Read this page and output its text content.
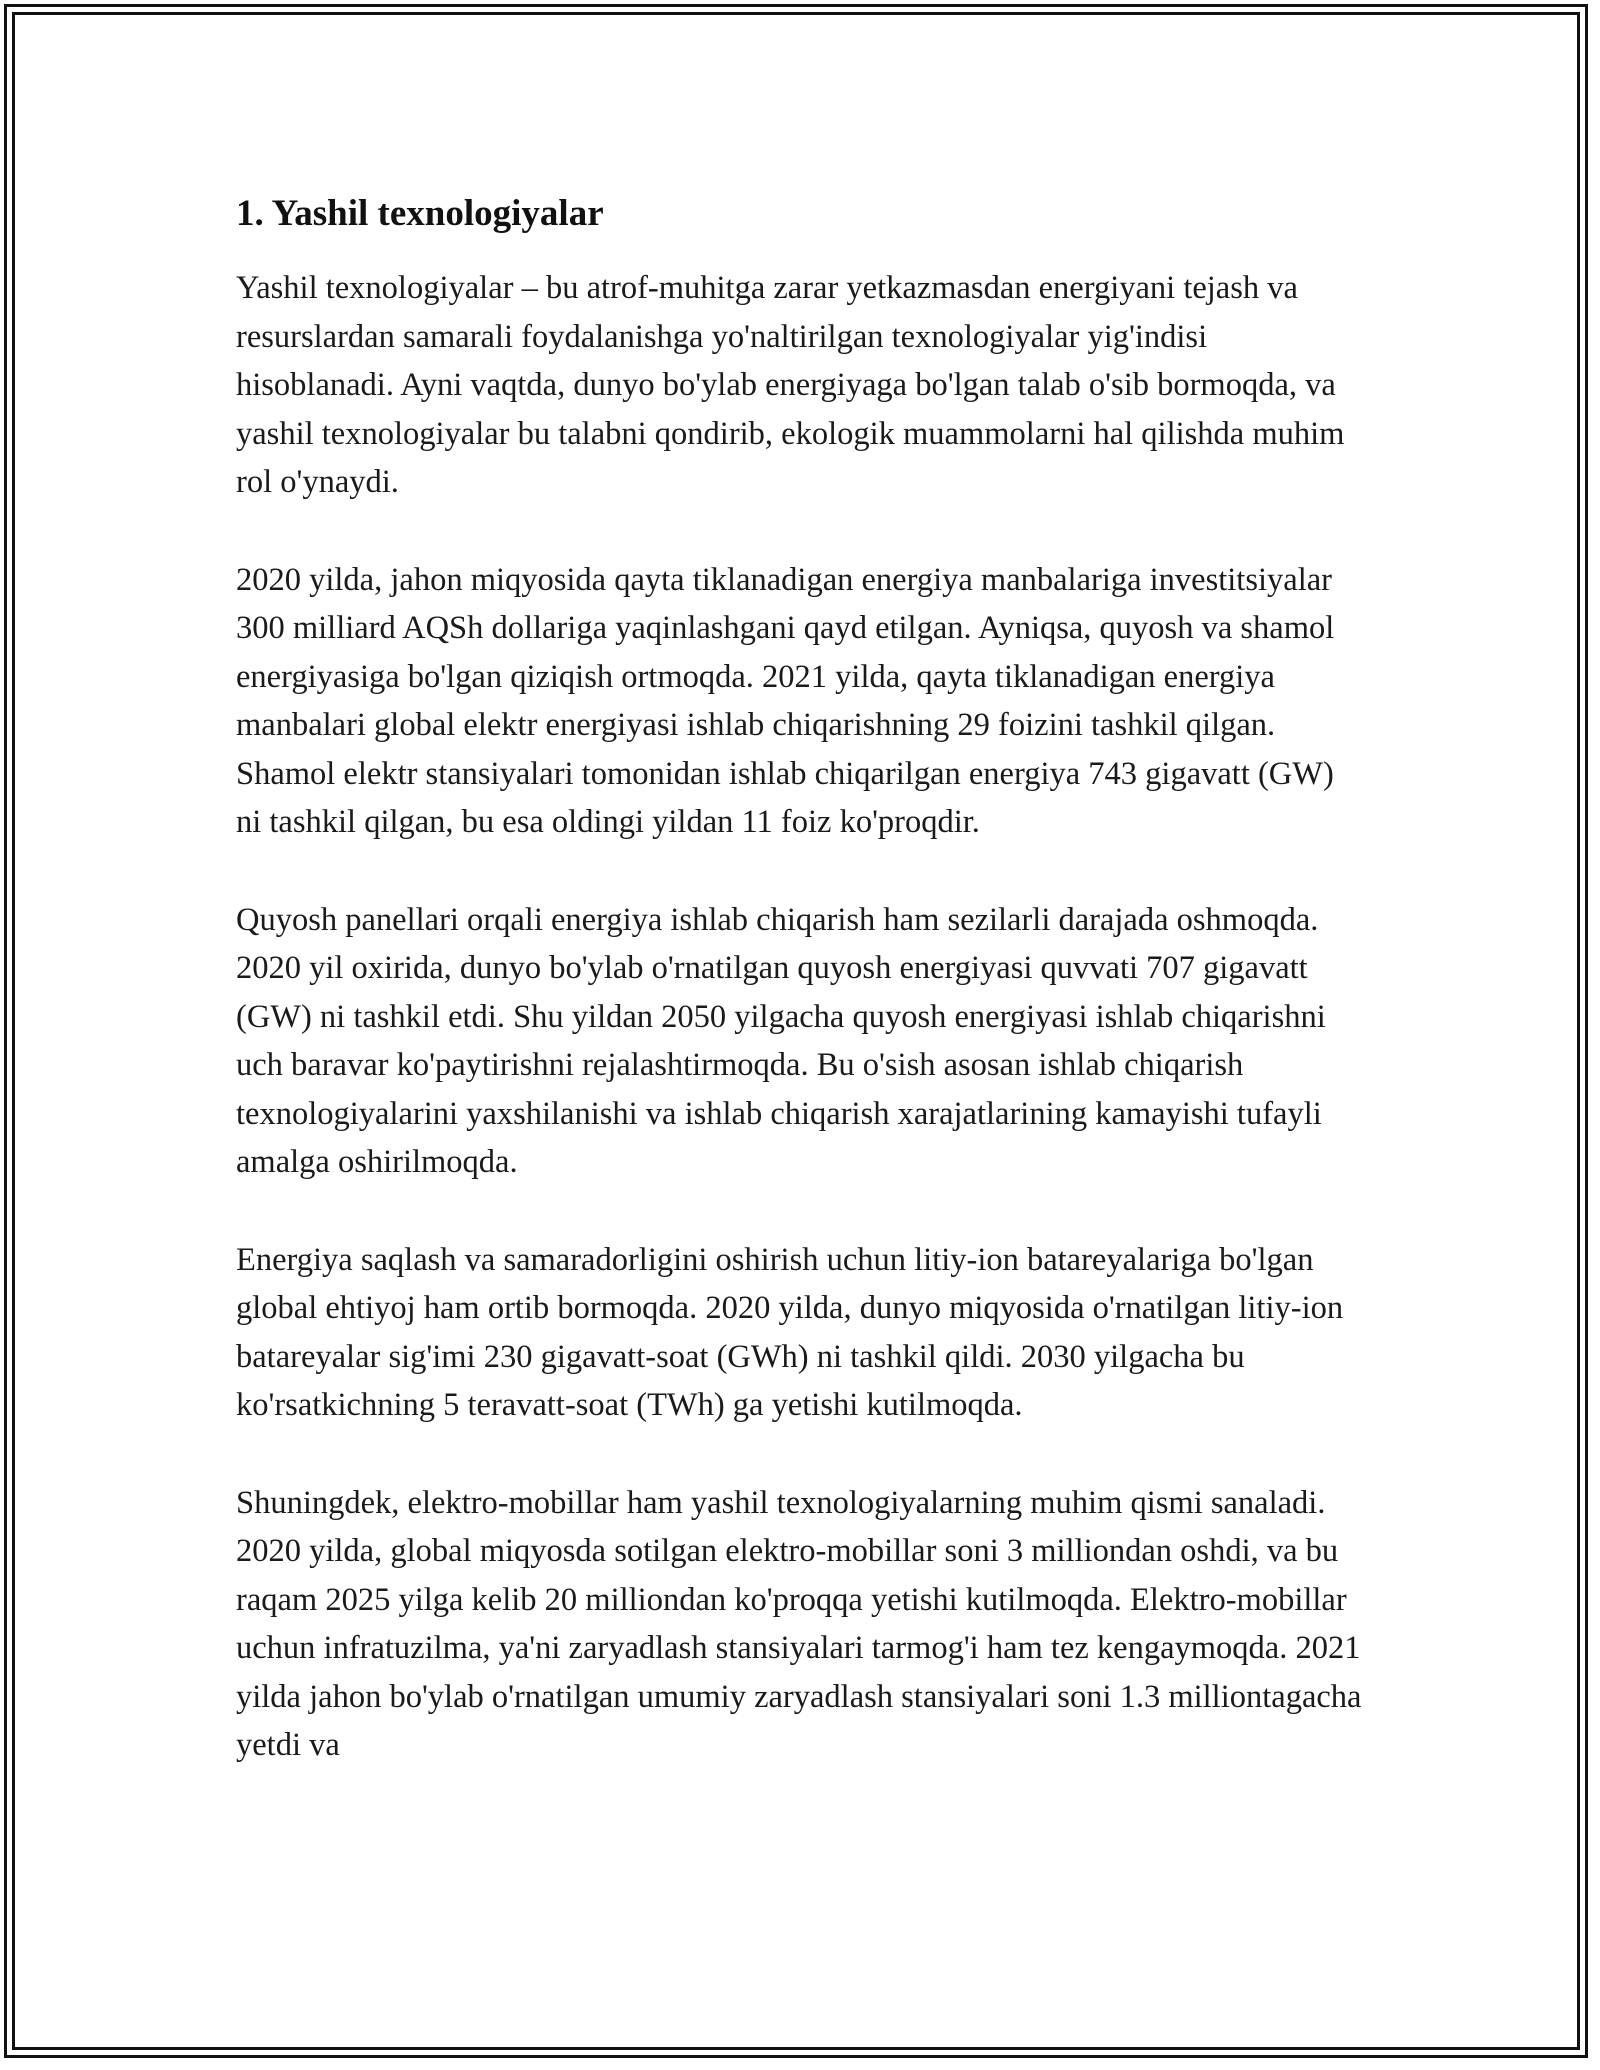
1. Yashil texnologiyalar

Yashil texnologiyalar – bu atrof-muhitga zarar yetkazmasdan energiyani tejash va resurslardan samarali foydalanishga yo'naltirilgan texnologiyalar yig'indisi hisoblanadi. Ayni vaqtda, dunyo bo'ylab energiyaga bo'lgan talab o'sib bormoqda, va yashil texnologiyalar bu talabni qondirib, ekologik muammolarni hal qilishda muhim rol o'ynaydi.

2020 yilda, jahon miqyosida qayta tiklanadigan energiya manbalariga investitsiyalar 300 milliard AQSh dollariga yaqinlashgani qayd etilgan. Ayniqsa, quyosh va shamol energiyasiga bo'lgan qiziqish ortmoqda. 2021 yilda, qayta tiklanadigan energiya manbalari global elektr energiyasi ishlab chiqarishning 29 foizini tashkil qilgan. Shamol elektr stansiyalari tomonidan ishlab chiqarilgan energiya 743 gigavatt (GW) ni tashkil qilgan, bu esa oldingi yildan 11 foiz ko'proqdir.

Quyosh panellari orqali energiya ishlab chiqarish ham sezilarli darajada oshmoqda. 2020 yil oxirida, dunyo bo'ylab o'rnatilgan quyosh energiyasi quvvati 707 gigavatt (GW) ni tashkil etdi. Shu yildan 2050 yilgacha quyosh energiyasi ishlab chiqarishni uch baravar ko'paytirishni rejalashtirmoqda. Bu o'sish asosan ishlab chiqarish texnologiyalarini yaxshilanishi va ishlab chiqarish xarajatlarining kamayishi tufayli amalga oshirilmoqda.

Energiya saqlash va samaradorligini oshirish uchun litiy-ion batareyalariga bo'lgan global ehtiyoj ham ortib bormoqda. 2020 yilda, dunyo miqyosida o'rnatilgan litiy-ion batareyalar sig'imi 230 gigavatt-soat (GWh) ni tashkil qildi. 2030 yilgacha bu ko'rsatkichning 5 teravatt-soat (TWh) ga yetishi kutilmoqda.

Shuningdek, elektro-mobillar ham yashil texnologiyalarning muhim qismi sanaladi. 2020 yilda, global miqyosda sotilgan elektro-mobillar soni 3 milliondan oshdi, va bu raqam 2025 yilga kelib 20 milliondan ko'proqqa yetishi kutilmoqda. Elektro-mobillar uchun infratuzilma, ya'ni zaryadlash stansiyalari tarmog'i ham tez kengaymoqda. 2021 yilda jahon bo'ylab o'rnatilgan umumiy zaryadlash stansiyalari soni 1.3 milliontagacha yetdi va
